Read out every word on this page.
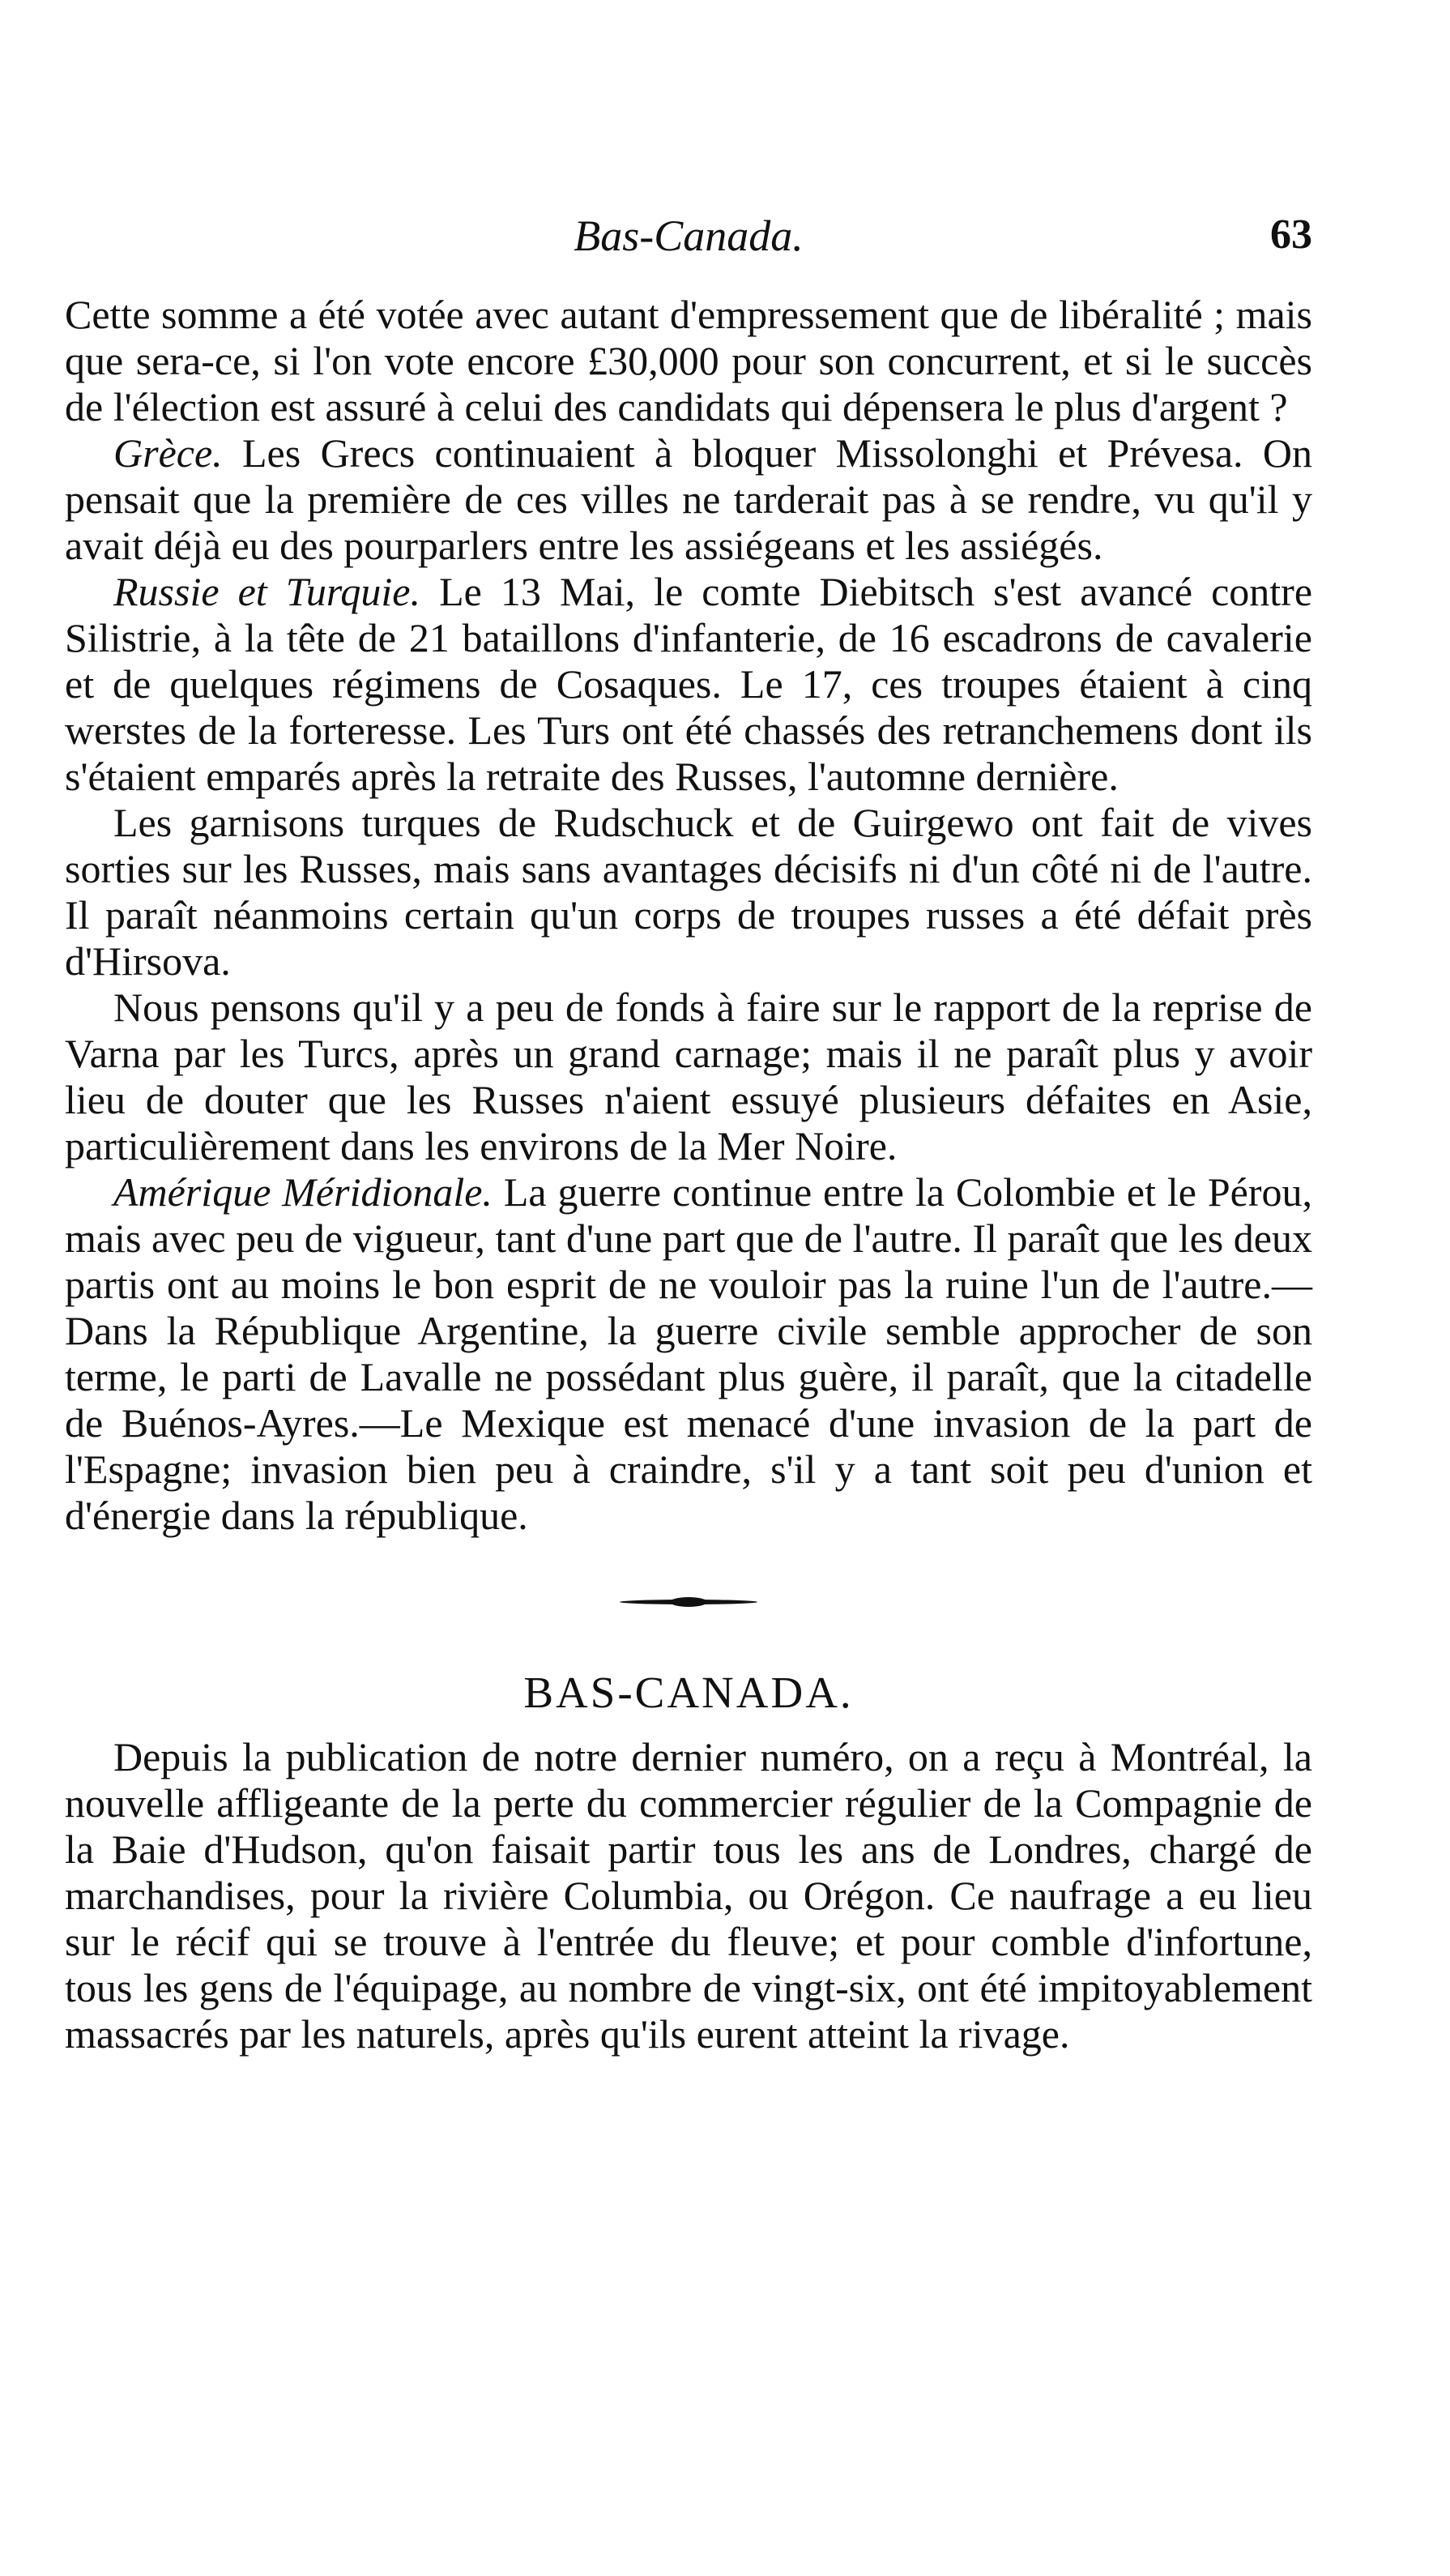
Bas-Canada.	63

Cette somme a été votée avec autant d'empressement que de libéralité ; mais que sera-ce, si l'on vote encore £30,000 pour son concurrent, et si le succès de l'élection est assuré à celui des candidats qui dépensera le plus d'argent ?

Grèce. Les Grecs continuaient à bloquer Missolonghi et Prévesa. On pensait que la première de ces villes ne tarderait pas à se rendre, vu qu'il y avait déjà eu des pourparlers entre les assiégeans et les assiégés.

Russie et Turquie. Le 13 Mai, le comte Diebitsch s'est avancé contre Silistrie, à la tête de 21 bataillons d'infanterie, de 16 escadrons de cavalerie et de quelques régimens de Cosaques. Le 17, ces troupes étaient à cinq werstes de la forteresse. Les Turs ont été chassés des retranchemens dont ils s'étaient emparés après la retraite des Russes, l'automne dernière.

Les garnisons turques de Rudschuck et de Guirgewo ont fait de vives sorties sur les Russes, mais sans avantages décisifs ni d'un côté ni de l'autre. Il paraît néanmoins certain qu'un corps de troupes russes a été défait près d'Hirsova.

Nous pensons qu'il y a peu de fonds à faire sur le rapport de la reprise de Varna par les Turcs, après un grand carnage; mais il ne paraît plus y avoir lieu de douter que les Russes n'aient essuyé plusieurs défaites en Asie, particulièrement dans les environs de la Mer Noire.

Amérique Méridionale. La guerre continue entre la Colombie et le Pérou, mais avec peu de vigueur, tant d'une part que de l'autre. Il paraît que les deux partis ont au moins le bon esprit de ne vouloir pas la ruine l'un de l'autre.—Dans la République Argentine, la guerre civile semble approcher de son terme, le parti de Lavalle ne possédant plus guère, il paraît, que la citadelle de Buénos-Ayres.—Le Mexique est menacé d'une invasion de la part de l'Espagne; invasion bien peu à craindre, s'il y a tant soit peu d'union et d'énergie dans la république.

BAS-CANADA.

Depuis la publication de notre dernier numéro, on a reçu à Montréal, la nouvelle affligeante de la perte du commercier régulier de la Compagnie de la Baie d'Hudson, qu'on faisait partir tous les ans de Londres, chargé de marchandises, pour la rivière Columbia, ou Orégon. Ce naufrage a eu lieu sur le récif qui se trouve à l'entrée du fleuve; et pour comble d'infortune, tous les gens de l'équipage, au nombre de vingt-six, ont été impitoyablement massacrés par les naturels, après qu'ils eurent atteint la rivage.
